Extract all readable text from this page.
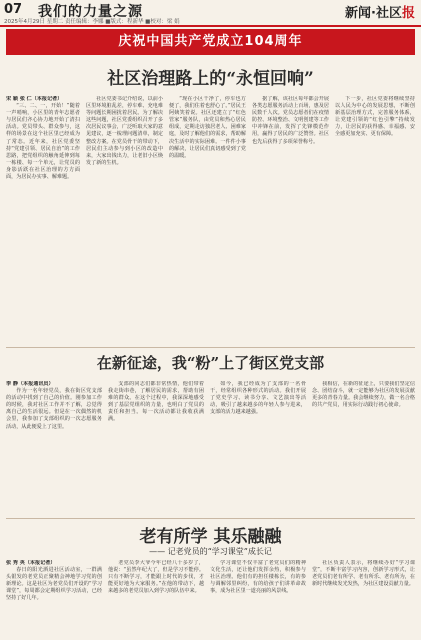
07 我们的力量之源
2025年4月29日 星期二 责任编辑：李娜 ■版式：程新华 ■校对：梁 娟
新闻·社区报
庆祝中国共产党成立104周年
社区治理路上的“永恒回响”
宋 颖 张 仁（本报记者）
“三、二、一，开始！”随着一声哨响，小区里的青年志愿者与居民们齐心协力地开始了清扫活动。党员带头、群众参与，这样的场景在这个社区里已经成为了常态。近年来，社区党委坚持“党建引领、居民自治”的工作思路，把党组织的触角延伸到每一栋楼、每一个单元，让党员的身影活跃在社区治理的方方面面，为居民办实事、解难题。
社区党委书记介绍说，以前小区里环境脏乱差，停车难、充电难等问题长期困扰着居民。为了解决这些问题，社区党委组织召开了多次居民议事会，广泛听取大家的意见建议，逐一梳理问题清单，制定整改方案。在党员骨干的带动下，居民们主动参与到小区的改造中来，大家出钱出力，让老旧小区焕发了新的生机。
“现在小区干净了，停车也方便了，我们住着也舒心了。”居民王阿姨笑着说。社区还建立了“红色管家”服务队，由党员和热心居民组成，定期走访独居老人、困难家庭，及时了解他们的需求，帮助解决生活中的实际困难。一件件小事的解决，让居民们真切感受到了党的温暖。
据了解，该社区每年都会开展各类志愿服务活动上百场，惠及居民数千人次。党员志愿者们在疫情防控、环境整治、文明创建等工作中冲锋在前，发挥了先锋模范作用，赢得了居民的广泛赞誉。社区也先后获得了多项荣誉称号。
下一步，社区党委将继续坚持以人民为中心的发展思想，不断创新基层治理方式，完善服务体系，让党建引领的“红色引擎”持续发力，让居民的获得感、幸福感、安全感更加充实、更有保障。
在新征途，我“粉”上了街区党支部
李 静（本报通讯员）
作为一名年轻党员，我在街区党支部的活动中找到了自己的价值。刚参加工作的时候，我对社区工作并不了解，总觉得离自己的生活很远。但是在一次偶然的机会里，我参加了支部组织的一次志愿服务活动，从此便爱上了这里。
支部的同志们都非常热情，他们带着我走街串巷，了解居民的需求，帮助有困难的群众。在这个过程中，我深深地感受到了基层党组织的力量，也明白了党员的责任和担当。每一次活动都让我收获满满。
如今，我已经成为了支部的一名骨干，经常组织各种形式的活动。我们开展了党史学习、读书分享、文艺演出等活动，吸引了越来越多的年轻人参与进来，支部的活力越来越强。
我相信，在新的征途上，只要我们坚定信念、团结奋斗，就一定能够为社区的发展贡献更多的青春力量。我会继续努力，做一名合格的共产党员，用实际行动践行初心使命。
老有所学 其乐融融
—— 记老党员的“学习课堂”成长记
张 秀 英（本报记者）
春日的阳光洒进社区活动室，一群满头银发的老党员正聚精会神地学习党的创新理论。这是社区为老党员们开设的“学习课堂”，每周都会定期组织学习活动，已经坚持了好几年。
老党员李大爷今年已经八十多岁了，他说：“虽然年纪大了，但是学习不能停。只有不断学习，才能跟上时代的步伐，才能更好地为大家服务。”在他的带动下，越来越多的老党员加入到学习的队伍中来。
学习课堂不仅丰富了老党员们的精神文化生活，还让他们发挥余热，积极参与社区治理。他们有的担任楼栋长，有的参与调解邻里纠纷，有的给孩子们讲革命故事，成为社区里一道亮丽的风景线。
社区负责人表示，将继续办好“学习课堂”，不断丰富学习内容，创新学习形式，让老党员们老有所学、老有所乐、老有所为，在新时代继续发光发热，为社区建设贡献力量。
